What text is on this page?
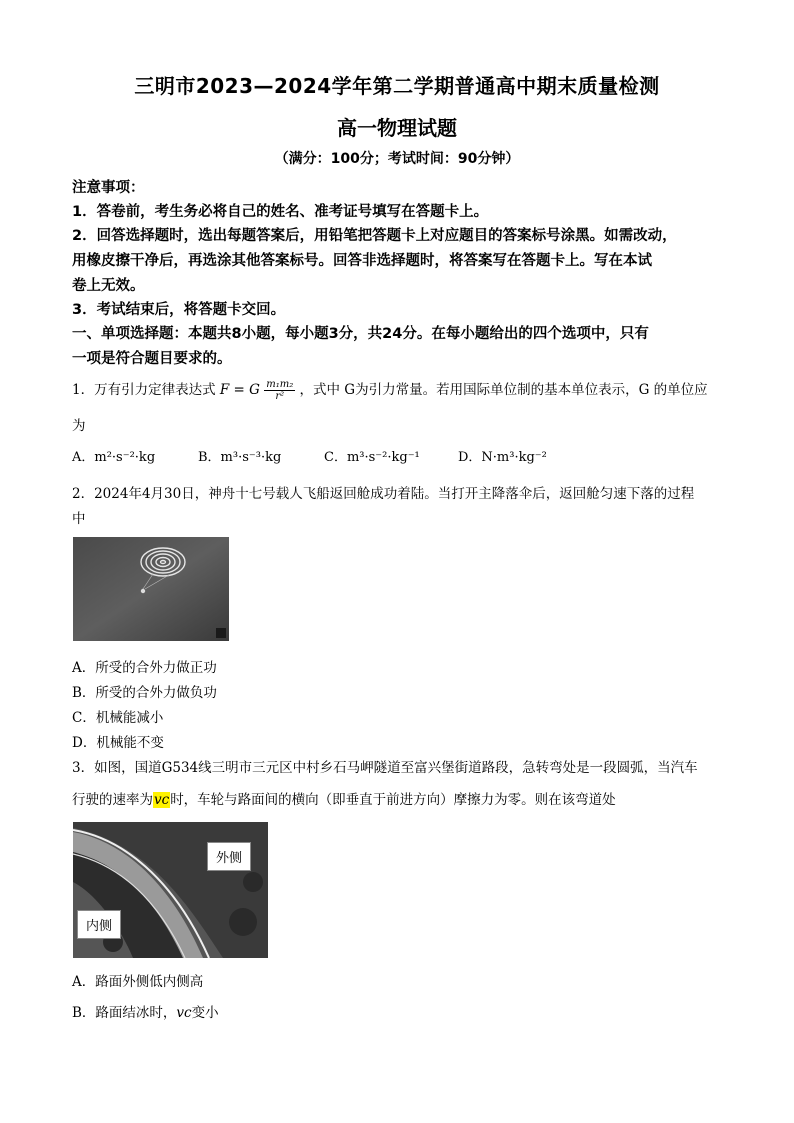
三明市2023—2024学年第二学期普通高中期末质量检测
高一物理试题
（满分：100分；考试时间：90分钟）
注意事项：
1．答卷前，考生务必将自己的姓名、准考证号填写在答题卡上。
2．回答选择题时，选出每题答案后，用铅笔把答题卡上对应题目的答案标号涂黑。如需改动，
用橡皮擦干净后，再选涂其他答案标号。回答非选择题时，将答案写在答题卡上。写在本试
卷上无效。
3．考试结束后，将答题卡交回。
一、单项选择题：本题共8小题，每小题3分，共24分。在每小题给出的四个选项中，只有
一项是符合题目要求的。
1．万有引力定律表达式 F = G $\frac{\text{m₁m₂}}{\text{r²}}$ ，式中 G为引力常量。若用国际单位制的基本单位表示，G 的单位应
为
A．m²·s⁻²·kg	B．m³·s⁻³·kg	C．m³·s⁻²·kg⁻¹	D．N·m³·kg⁻²
2．2024年4月30日，神舟十七号载人飞船返回舱成功着陆。当打开主降落伞后，返回舱匀速下落的过程
中
A．所受的合外力做正功
B．所受的合外力做负功
C．机械能减小
D．机械能不变
3．如图，国道G534线三明市三元区中村乡石马岬隧道至富兴堡街道路段，急转弯处是一段圆弧，当汽车
行驶的速率为vc时，车轮与路面间的横向（即垂直于前进方向）摩擦力为零。则在该弯道处
外侧
内侧
A．路面外侧低内侧高
B．路面结冰时，vc变小
